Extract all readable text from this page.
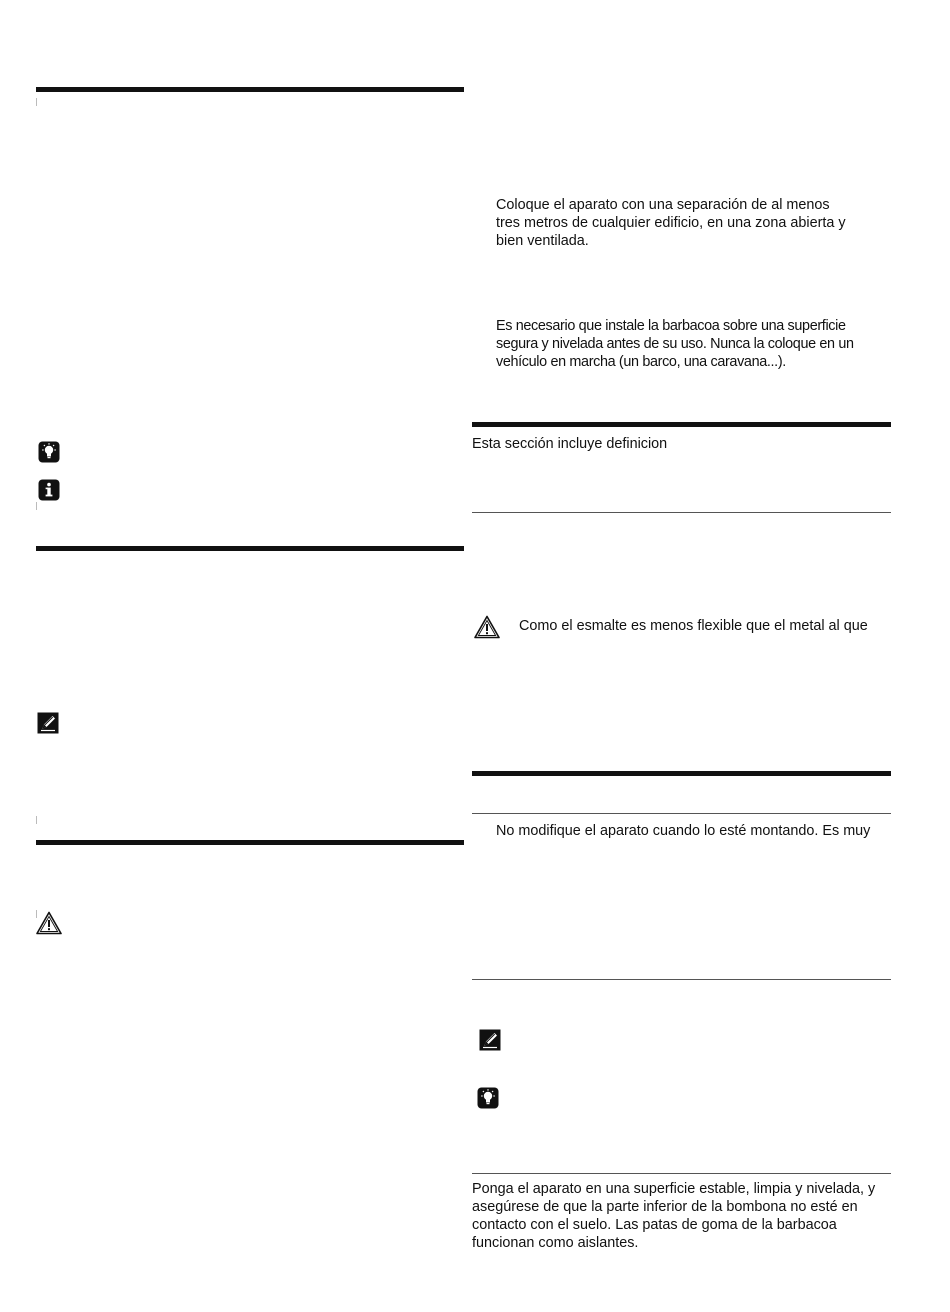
Coloque el aparato con una separación de al menos tres metros de cualquier edificio, en una zona abierta y bien ventilada.
Es necesario que instale la barbacoa sobre una superficie segura y nivelada antes de su uso. Nunca la coloque en un vehículo en marcha (un barco, una caravana...).
Esta sección incluye definicion
Como el esmalte es menos flexible que el metal al que
No modifique el aparato cuando lo esté montando. Es muy
Ponga el aparato en una superficie estable, limpia y nivelada, y asegúrese de que la parte inferior de la bombona no esté en contacto con el suelo. Las patas de goma de la barbacoa funcionan como aislantes.
